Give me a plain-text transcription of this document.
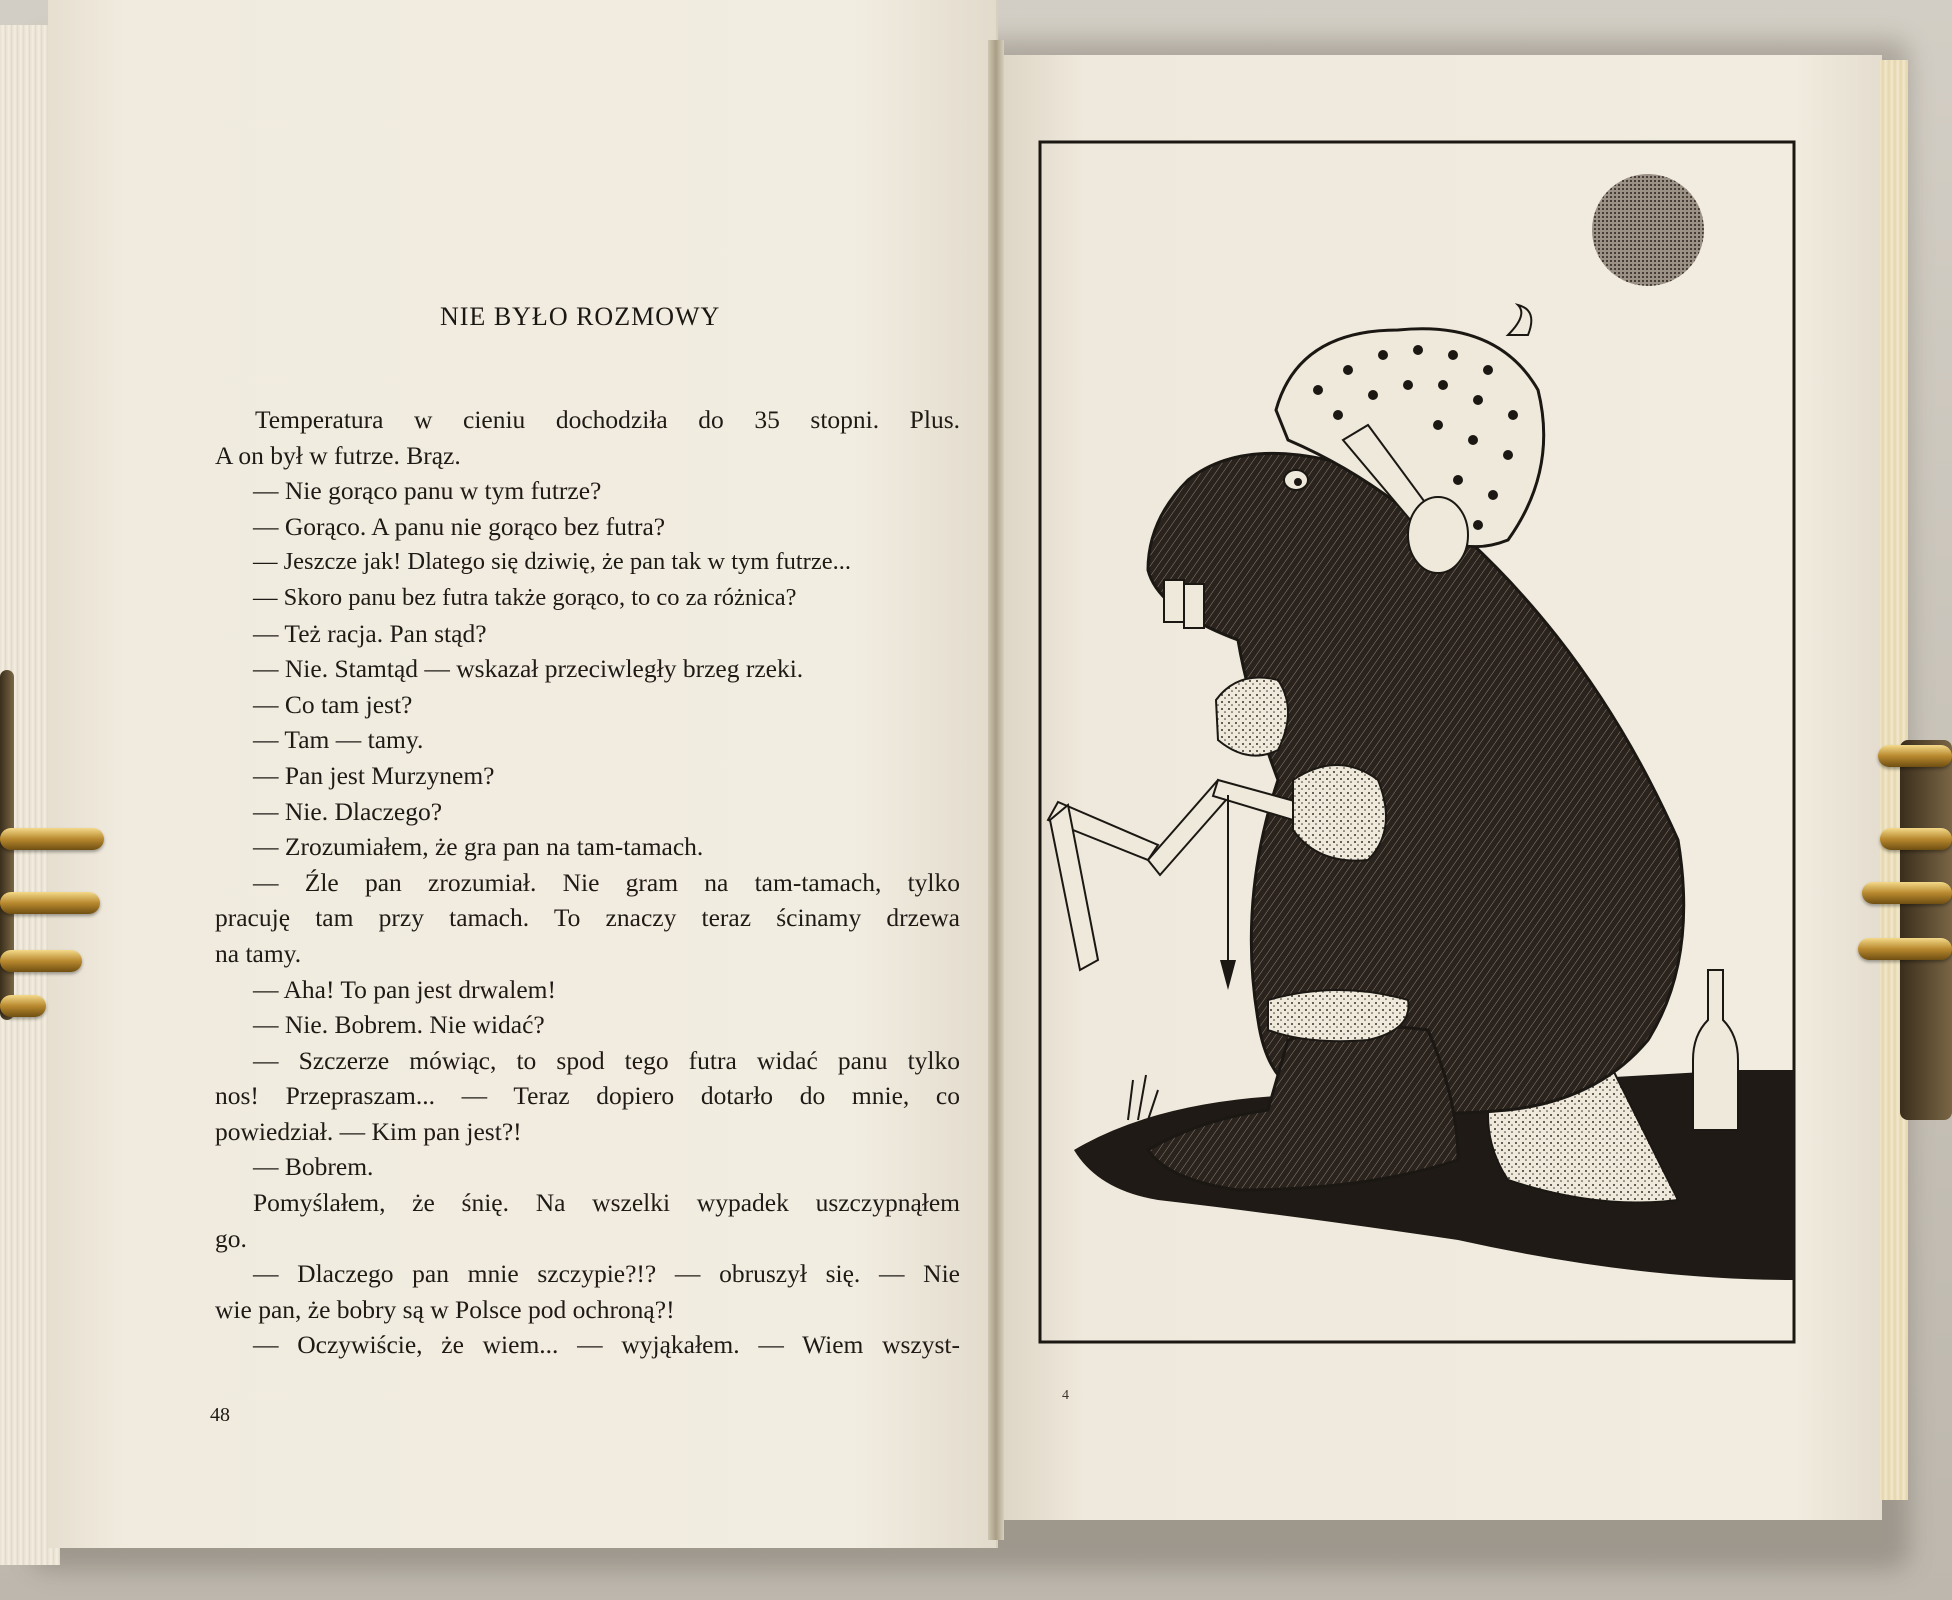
NIE BYŁO ROZMOWY
Temperatura w cieniu dochodziła do 35 stopni. Plus.
A on był w futrze. Brąz.
— Nie gorąco panu w tym futrze?
— Gorąco. A panu nie gorąco bez futra?
— Jeszcze jak! Dlatego się dziwię, że pan tak w tym futrze...
— Skoro panu bez futra także gorąco, to co za różnica?
— Też racja. Pan stąd?
— Nie. Stamtąd — wskazał przeciwległy brzeg rzeki.
— Co tam jest?
— Tam — tamy.
— Pan jest Murzynem?
— Nie. Dlaczego?
— Zrozumiałem, że gra pan na tam-tamach.
— Źle pan zrozumiał. Nie gram na tam-tamach, tylko
pracuję tam przy tamach. To znaczy teraz ścinamy drzewa
na tamy.
— Aha! To pan jest drwalem!
— Nie. Bobrem. Nie widać?
— Szczerze mówiąc, to spod tego futra widać panu tylko
nos! Przepraszam... — Teraz dopiero dotarło do mnie, co
powiedział. — Kim pan jest?!
— Bobrem.
Pomyślałem, że śnię. Na wszelki wypadek uszczypnąłem
go.
— Dlaczego pan mnie szczypie?!? — obruszył się. — Nie
wie pan, że bobry są w Polsce pod ochroną?!
— Oczywiście, że wiem... — wyjąkałem. — Wiem wszyst-
48
4
